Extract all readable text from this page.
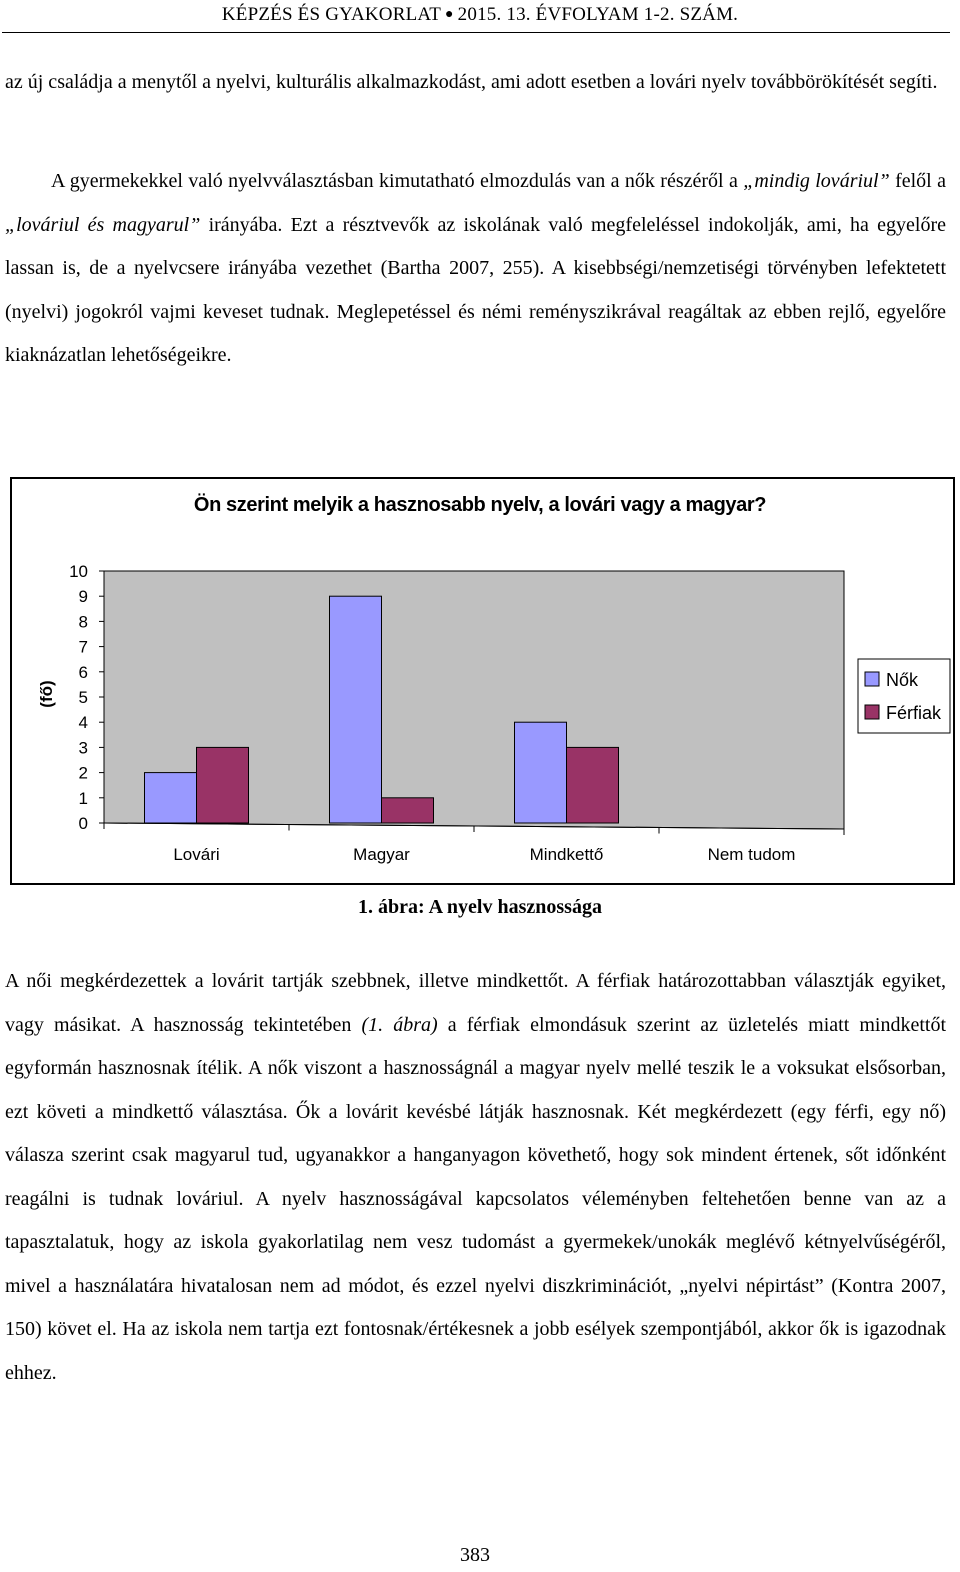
KÉPZÉS ÉS GYAKORLAT ● 2015. 13. ÉVFOLYAM 1-2. SZÁM.

az új családja a menytől a nyelvi, kulturális alkalmazkodást, ami adott esetben a lovári nyelv továbbörökítését segíti.

A gyermekekkel való nyelvválasztásban kimutatható elmozdulás van a nők részéről a „mindig lováriul” felől a „lováriul és magyarul” irányába. Ezt a résztvevők az iskolának való megfeleléssel indokolják, ami, ha egyelőre lassan is, de a nyelvcsere irányába vezethet (Bartha 2007, 255). A kisebbségi/nemzetiségi törvényben lefektetett (nyelvi) jogokról vajmi keveset tudnak. Meglepetéssel és némi reményszikrával reagáltak az ebben rejlő, egyelőre kiaknázatlan lehetőségeikre.

Ön szerint melyik a hasznosabb nyelv, a lovári vagy a magyar?
0
1
2
3
4
5
6
7
8
9
10
Lovári	Magyar	Mindkettő	Nem tudom
(fő)
Nők
Férfiak
1. ábra: A nyelv hasznossága

A női megkérdezettek a lovárit tartják szebbnek, illetve mindkettőt. A férfiak határozottabban választják egyiket, vagy másikat. A hasznosság tekintetében (1. ábra) a férfiak elmondásuk szerint az üzletelés miatt mindkettőt egyformán hasznosnak ítélik. A nők viszont a hasznosságnál a magyar nyelv mellé teszik le a voksukat elsősorban, ezt követi a mindkettő választása. Ők a lovárit kevésbé látják hasznosnak. Két megkérdezett (egy férfi, egy nő) válasza szerint csak magyarul tud, ugyanakkor a hanganyagon követhető, hogy sok mindent értenek, sőt időnként reagálni is tudnak lováriul. A nyelv hasznosságával kapcsolatos véleményben feltehetően benne van az a tapasztalatuk, hogy az iskola gyakorlatilag nem vesz tudomást a gyermekek/unokák meglévő kétnyelvűségéről, mivel a használatára hivatalosan nem ad módot, és ezzel nyelvi diszkriminációt, „nyelvi népirtást” (Kontra 2007, 150) követ el. Ha az iskola nem tartja ezt fontosnak/értékesnek a jobb esélyek szempontjából, akkor ők is igazodnak ehhez.

383
